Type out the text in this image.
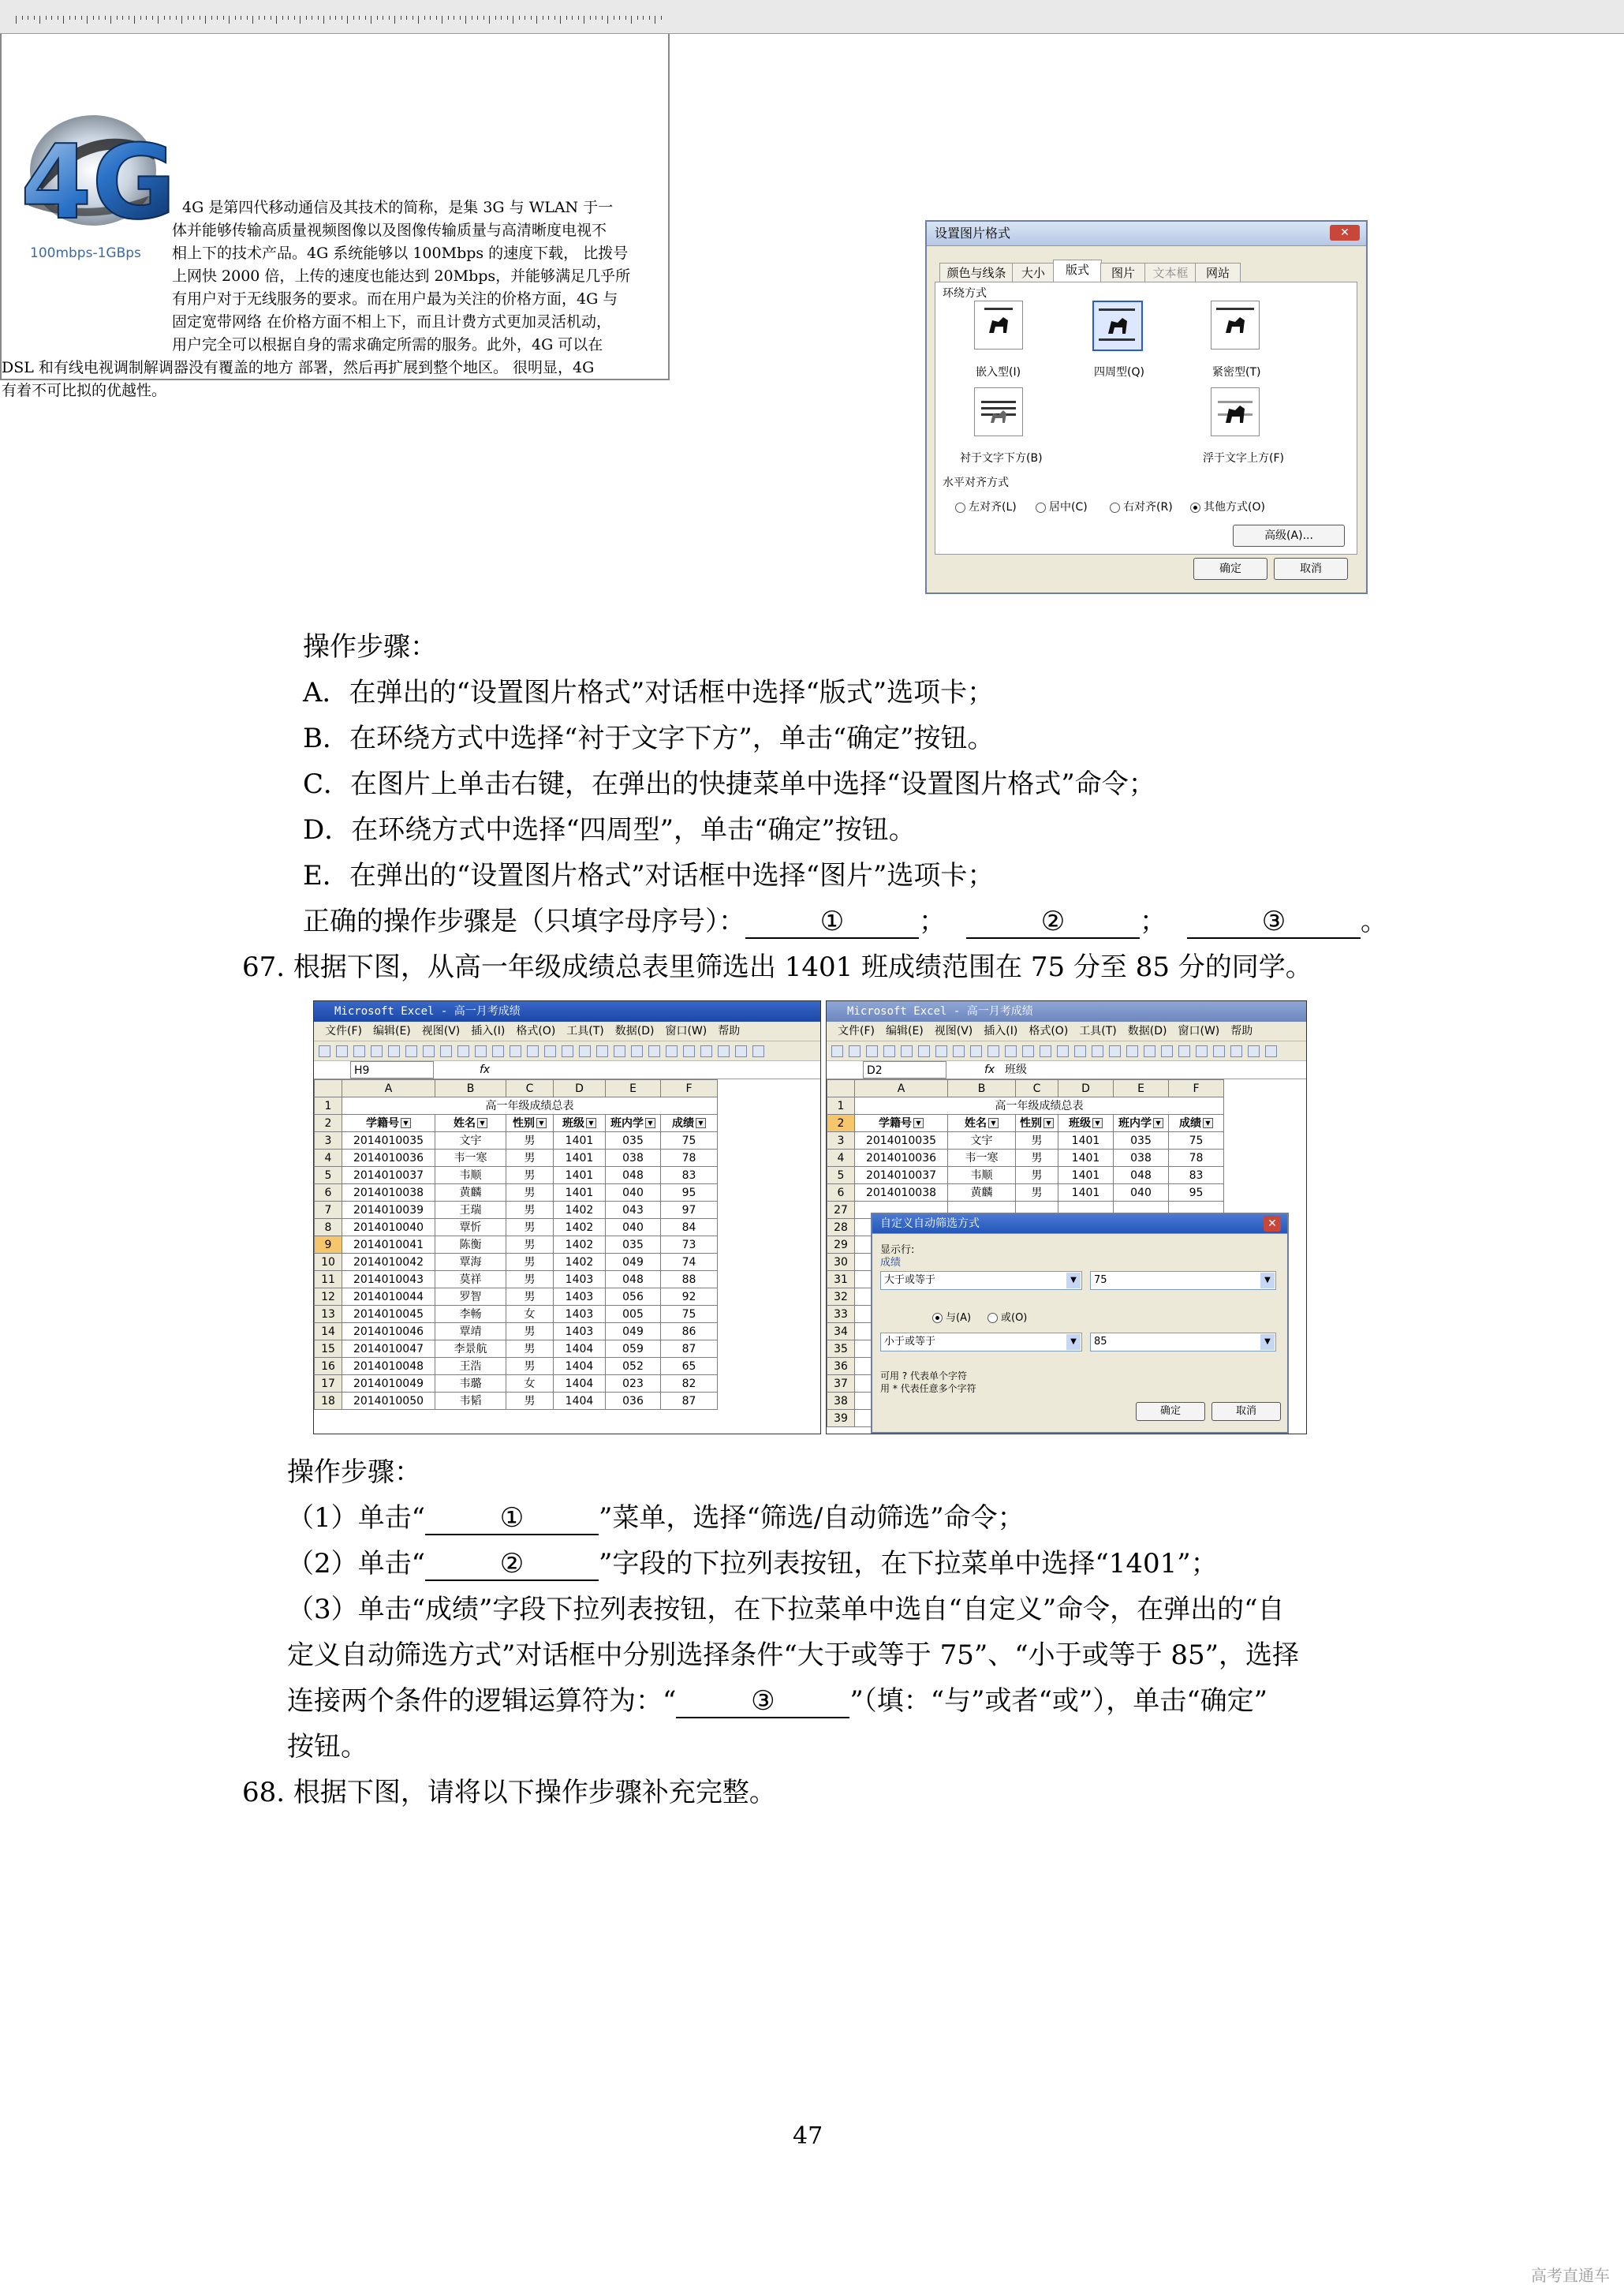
4G
100mbps-1GBps
4G 是第四代移动通信及其技术的简称，是集 3G 与 WLAN 于一
体并能够传输高质量视频图像以及图像传输质量与高清晰度电视不
相上下的技术产品。4G 系统能够以 100Mbps 的速度下载， 比拨号
上网快 2000 倍，上传的速度也能达到 20Mbps，并能够满足几乎所
有用户对于无线服务的要求。而在用户最为关注的价格方面，4G 与
固定宽带网络 在价格方面不相上下，而且计费方式更加灵活机动，
用户完全可以根据自身的需求确定所需的服务。此外，4G 可以在
DSL 和有线电视调制解调器没有覆盖的地方 部署，然后再扩展到整个地区。 很明显，4G
有着不可比拟的优越性。
设置图片格式	✕
颜色与线条	大小	版式	图片	文本框	网站
环绕方式
嵌入型(I)	四周型(Q)	紧密型(T)
衬于文字下方(B)	浮于文字上方(F)
水平对齐方式
左对齐(L)	居中(C)	右对齐(R)	其他方式(O)
高级(A)...
确定	取消
操作步骤：
A．在弹出的“设置图片格式”对话框中选择“版式”选项卡；
B．在环绕方式中选择“衬于文字下方”，单击“确定”按钮。
C．在图片上单击右键，在弹出的快捷菜单中选择“设置图片格式”命令；
D．在环绕方式中选择“四周型”，单击“确定”按钮。
E．在弹出的“设置图片格式”对话框中选择“图片”选项卡；
正确的操作步骤是（只填字母序号）：	①	；	②	；	③	。
67. 根据下图，从高一年级成绩总表里筛选出 1401 班成绩范围在 75 分至 85 分的同学。
Microsoft Excel - 高一月考成绩
文件(F) 编辑(E) 视图(V) 插入(I) 格式(O) 工具(T) 数据(D) 窗口(W) 帮助
H9	fx
	A	B	C	D	E	F
1	高一年级成绩总表					
2	学籍号 ▼	姓名 ▼	性别 ▼	班级 ▼	班内学 ▼	成绩 ▼
3	2014010035	文宇	男	1401	035	75
4	2014010036	韦一寒	男	1401	038	78
5	2014010037	韦顺	男	1401	048	83
6	2014010038	黄麟	男	1401	040	95
7	2014010039	王瑞	男	1402	043	97
8	2014010040	覃忻	男	1402	040	84
9	2014010041	陈衡	男	1402	035	73
10	2014010042	覃海	男	1402	049	74
11	2014010043	莫祥	男	1403	048	88
12	2014010044	罗智	男	1403	056	92
13	2014010045	李畅	女	1403	005	75
14	2014010046	覃靖	男	1403	049	86
15	2014010047	李景航	男	1404	059	87
16	2014010048	王浩	男	1404	052	65
17	2014010049	韦璐	女	1404	023	82
18	2014010050	韦韬	男	1404	036	87
Microsoft Excel - 高一月考成绩
文件(F) 编辑(E) 视图(V) 插入(I) 格式(O) 工具(T) 数据(D) 窗口(W) 帮助
D2	fx 班级
	A	B	C	D	E	F
1	高一年级成绩总表					
2	学籍号 ▼	姓名 ▼	性别 ▼	班级 ▼	班内学 ▼	成绩 ▼
3	2014010035	文宇	男	1401	035	75
4	2014010036	韦一寒	男	1401	038	78
5	2014010037	韦顺	男	1401	048	83
6	2014010038	黄麟	男	1401	040	95
27						
28						
29						
30						
31						
32						
33						
34						
35						
36						
37						
38						
39						
自定义自动筛选方式	✕
显示行:
成绩
大于或等于	▼	75	▼
与(A)	或(O)
小于或等于	▼	85	▼
可用 ? 代表单个字符
用 * 代表任意多个字符
确定	取消
操作步骤：
（1）单击“	①	”菜单，选择“筛选/自动筛选”命令；
（2）单击“	②	”字段的下拉列表按钮，在下拉菜单中选择“1401”；
（3）单击“成绩”字段下拉列表按钮，在下拉菜单中选自“自定义”命令，在弹出的“自
定义自动筛选方式”对话框中分别选择条件“大于或等于 75”、“小于或等于 85”，选择
连接两个条件的逻辑运算符为：“	③	”（填：“与”或者“或”），单击“确定”
按钮。
68. 根据下图，请将以下操作步骤补充完整。
47
高考直通车
